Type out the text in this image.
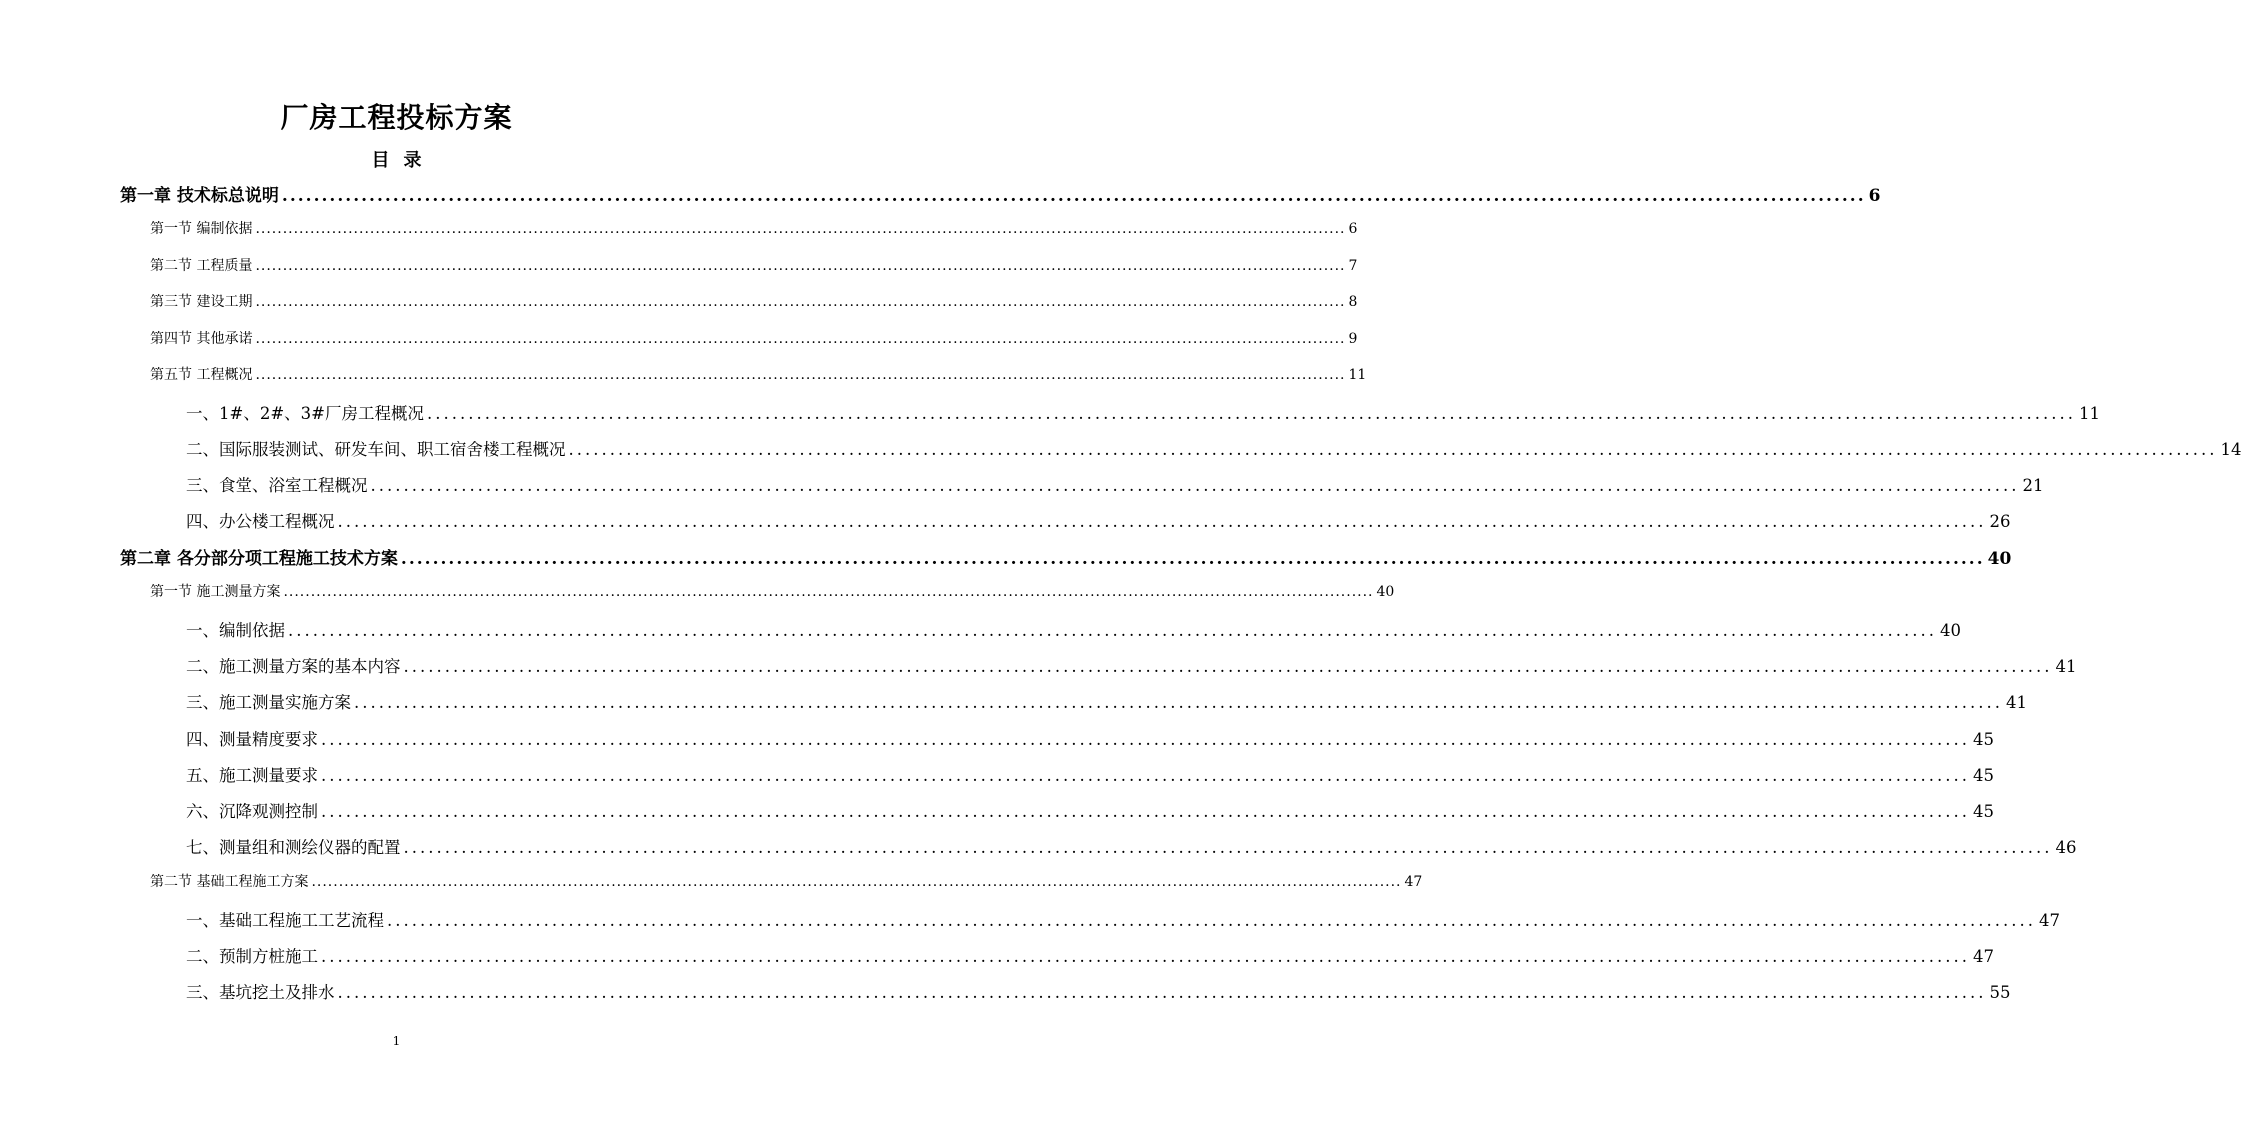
厂房工程投标方案
目 录
第一章 技术标总说明 ........................................................................................................................................................................................................ 6
第一节 编制依据 ........................................................................................................................................................................................................ 6
第二节 工程质量 ........................................................................................................................................................................................................ 7
第三节 建设工期 ........................................................................................................................................................................................................ 8
第四节 其他承诺 ........................................................................................................................................................................................................ 9
第五节 工程概况 ........................................................................................................................................................................................................ 11
一、1#、2#、3#厂房工程概况 ........................................................................................................................................................................................................ 11
二、国际服装测试、研发车间、职工宿舍楼工程概况 ........................................................................................................................................................................................................ 14
三、食堂、浴室工程概况 ........................................................................................................................................................................................................ 21
四、办公楼工程概况 ........................................................................................................................................................................................................ 26
第二章 各分部分项工程施工技术方案 ........................................................................................................................................................................................................ 40
第一节 施工测量方案 ........................................................................................................................................................................................................ 40
一、编制依据 ........................................................................................................................................................................................................ 40
二、施工测量方案的基本内容 ........................................................................................................................................................................................................ 41
三、施工测量实施方案 ........................................................................................................................................................................................................ 41
四、测量精度要求 ........................................................................................................................................................................................................ 45
五、施工测量要求 ........................................................................................................................................................................................................ 45
六、沉降观测控制 ........................................................................................................................................................................................................ 45
七、测量组和测绘仪器的配置 ........................................................................................................................................................................................................ 46
第二节 基础工程施工方案 ........................................................................................................................................................................................................ 47
一、基础工程施工工艺流程 ........................................................................................................................................................................................................ 47
二、预制方桩施工 ........................................................................................................................................................................................................ 47
三、基坑挖土及排水 ........................................................................................................................................................................................................ 55
1
